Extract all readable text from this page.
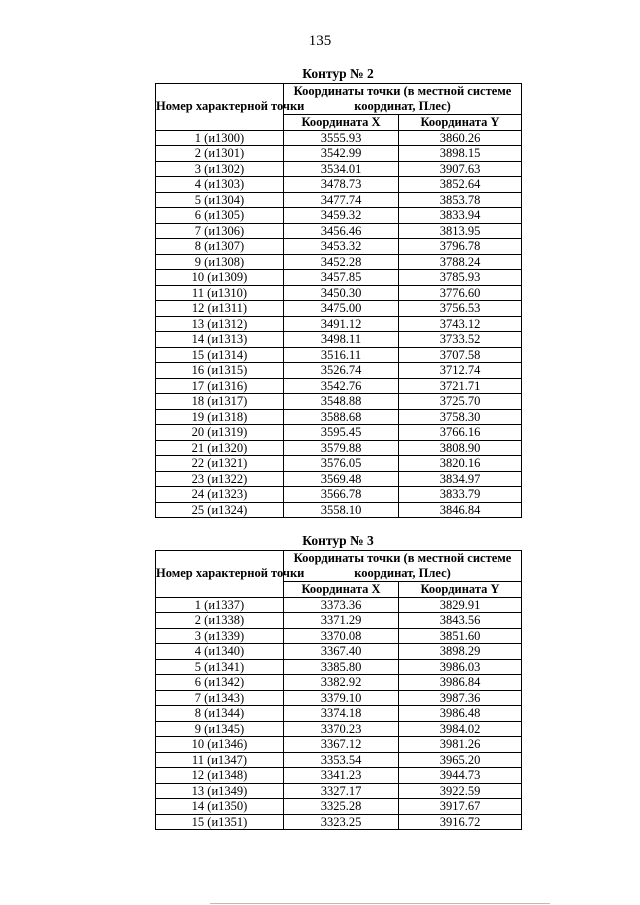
135
Контур № 2
Номер характерной точки	Координаты точки (в местной системе координат, Плес)	
	Координата X	Координата Y
1 (и1300)	3555.93	3860.26
2 (и1301)	3542.99	3898.15
3 (и1302)	3534.01	3907.63
4 (и1303)	3478.73	3852.64
5 (и1304)	3477.74	3853.78
6 (и1305)	3459.32	3833.94
7 (и1306)	3456.46	3813.95
8 (и1307)	3453.32	3796.78
9 (и1308)	3452.28	3788.24
10 (и1309)	3457.85	3785.93
11 (и1310)	3450.30	3776.60
12 (и1311)	3475.00	3756.53
13 (и1312)	3491.12	3743.12
14 (и1313)	3498.11	3733.52
15 (и1314)	3516.11	3707.58
16 (и1315)	3526.74	3712.74
17 (и1316)	3542.76	3721.71
18 (и1317)	3548.88	3725.70
19 (и1318)	3588.68	3758.30
20 (и1319)	3595.45	3766.16
21 (и1320)	3579.88	3808.90
22 (и1321)	3576.05	3820.16
23 (и1322)	3569.48	3834.97
24 (и1323)	3566.78	3833.79
25 (и1324)	3558.10	3846.84
Контур № 3
Номер характерной точки	Координаты точки (в местной системе координат, Плес)	
	Координата X	Координата Y
1 (и1337)	3373.36	3829.91
2 (и1338)	3371.29	3843.56
3 (и1339)	3370.08	3851.60
4 (и1340)	3367.40	3898.29
5 (и1341)	3385.80	3986.03
6 (и1342)	3382.92	3986.84
7 (и1343)	3379.10	3987.36
8 (и1344)	3374.18	3986.48
9 (и1345)	3370.23	3984.02
10 (и1346)	3367.12	3981.26
11 (и1347)	3353.54	3965.20
12 (и1348)	3341.23	3944.73
13 (и1349)	3327.17	3922.59
14 (и1350)	3325.28	3917.67
15 (и1351)	3323.25	3916.72
